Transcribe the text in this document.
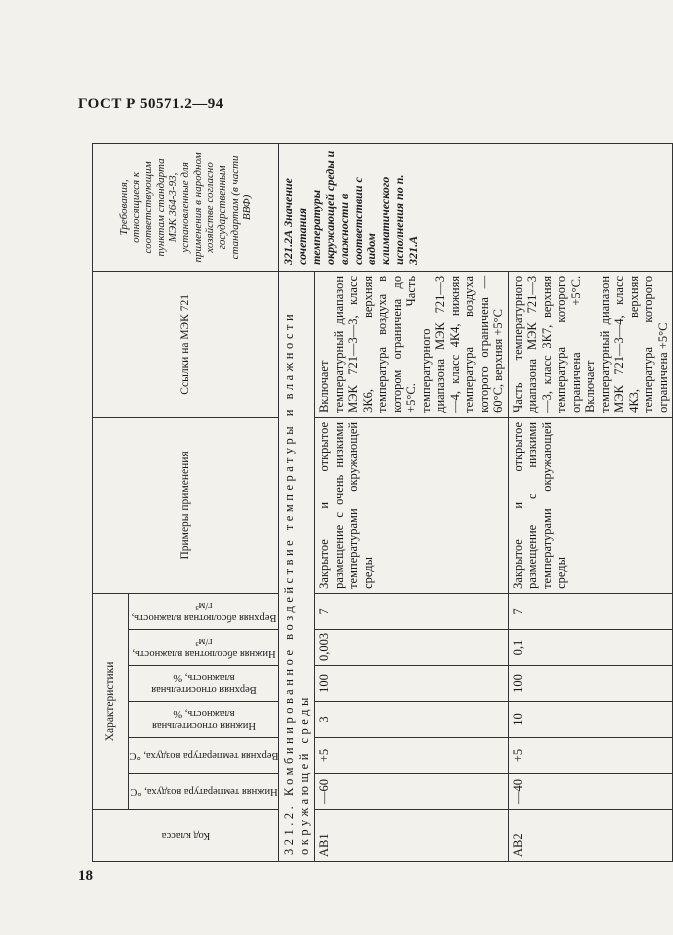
ГОСТ Р 50571.2—94
Код класса	Характеристики						Примеры применения	Ссылки на МЭК 721	Требования, относящиеся к соответствующим пунктам стандарта МЭК 364-3-93, установленные для применения в народном хозяйстве согласно государственным стандартам (в части ВВФ)

	Нижняя температура воздуха, °С	Верхняя температура воздуха, °С	Нижняя относительная влажность, %	Верхняя относительная влажность, %	Нижняя абсолютная влажность, г/м³	Верхняя абсолютная влажность, г/м³			

321.2. Комбинированное воздействие температуры и влажности окружающей среды									321.2А Значение сочетания температуры окружающей среды и влажности в соответствии с видом климатического исполнения по п. 321.А
АВ1	—60	+5	3	100	0,003	7	Закрытое и открытое размещение с очень низкими температурами окружающей среды	Включает температурный диапазон МЭК 721—3—3, класс 3К6, верхняя температура воздуха в котором ограничена до +5°С. Часть температурного диапазона МЭК 721—3—4, класс 4К4, нижняя температура воздуха которого ограничена —60°С, верхняя +5°С	
АВ2	—40	+5	10	100	0,1	7	Закрытое и открытое размещение с низкими температурами окружающей среды	Часть температурного диапазона МЭК 721—3—3, класс 3К7, верхняя температура которого ограничена +5°С. Включает температурный диапазон МЭК 721—3—4, класс 4К3, верхняя температура которого ограничена +5°С	
18
